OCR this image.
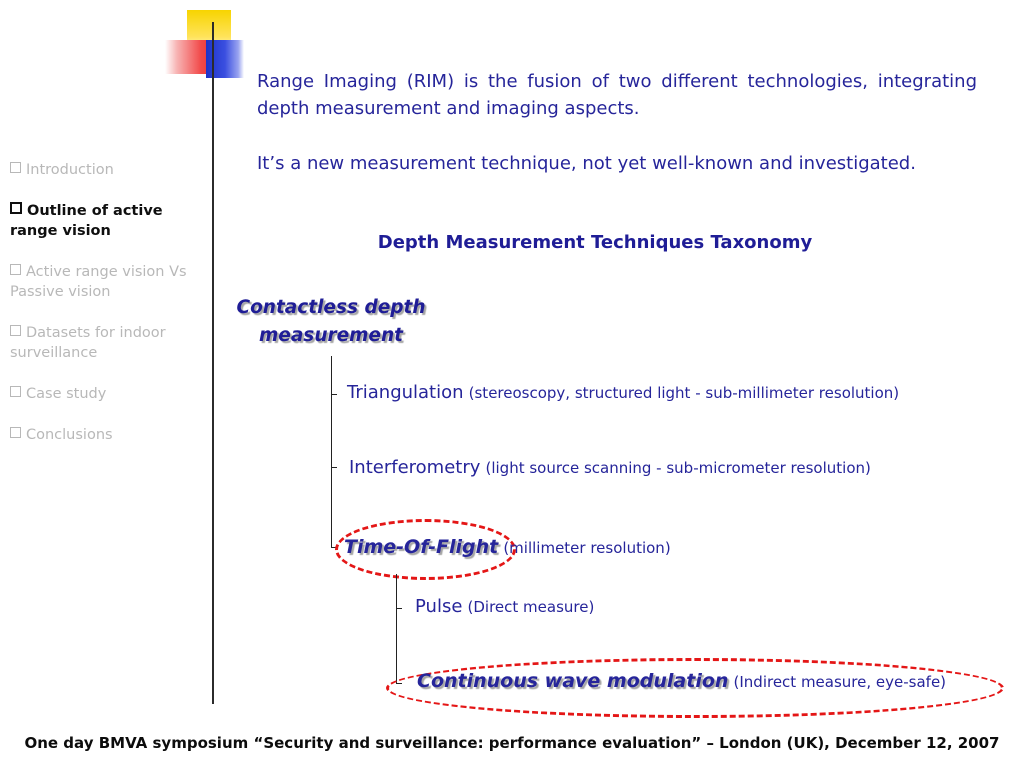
Introduction
Outline of active range vision
Active range vision Vs Passive vision
Datasets for indoor surveillance
Case study
Conclusions

Range Imaging (RIM) is the fusion of two different technologies, integrating depth measurement and imaging aspects.

It’s a new measurement technique, not yet well-known and investigated.

Depth Measurement Techniques Taxonomy

Contactless depth measurement
Triangulation (stereoscopy, structured light - sub-millimeter resolution)
Interferometry (light source scanning - sub-micrometer resolution)
Time-Of-Flight (millimeter resolution)
Pulse (Direct measure)
Continuous wave modulation (Indirect measure, eye-safe)
One day BMVA symposium “Security and surveillance: performance evaluation” – London (UK), December 12, 2007
